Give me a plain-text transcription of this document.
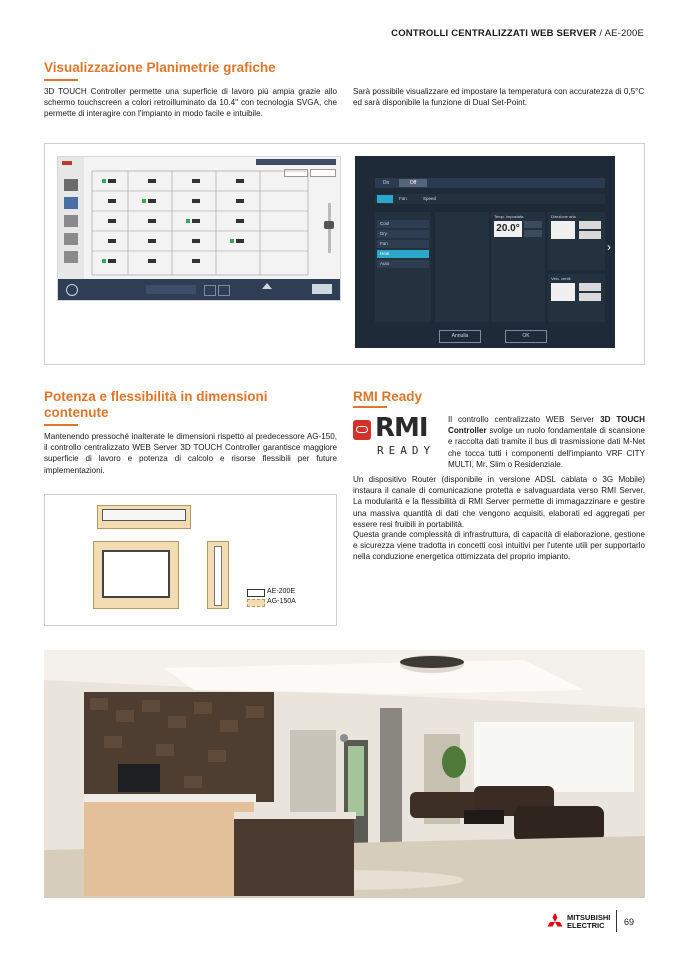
CONTROLLI CENTRALIZZATI WEB SERVER / AE-200E
Visualizzazione Planimetrie grafiche
3D TOUCH Controller permette una superficie di lavoro più ampia grazie allo schermo touchscreen a colori retroilluminato da 10.4'' con tecnologia SVGA, che permette di interagire con l'impianto in modo facile e intuibile.
Sarà possibile visualizzare ed impostare la temperatura con accuratezza di 0,5°C ed sarà disponibile la funzione di Dual Set-Point.
On	Off
Fan	Speed
Cool
Dry
Fan
Heat
Auto
Temp. impostata
20.0°
Direzione aria
Velo. ventil.
›
Annulla	OK
Potenza e flessibilità in dimensioni contenute
Mantenendo pressoché inalterate le dimensioni rispetto al predecessore AG-150, il controllo centralizzato WEB Server 3D TOUCH Controller garantisce maggiore superficie di lavoro e potenza di calcolo e risorse flessibili per future implementazioni.
AE-200E
AG-150A
RMI Ready
RMI
READY
Il controllo centralizzato WEB Server 3D TOUCH Controller svolge un ruolo fondamentale di scansione e raccolta dati tramite il bus di trasmissione dati M-Net che tocca tutti i componenti dell'impianto VRF CITY MULTI, Mr. Slim o Residenziale.
Un dispositivo Router (disponibile in versione ADSL cablata o 3G Mobile) instaura il canale di comunicazione protetta e salvaguardata verso RMI Server. La modularità e la flessibilità di RMI Server permette di immagazzinare e gestire una massiva quantità di dati che vengono acquisiti, elaborati ed aggregati per essere resi fruibili in portabilità.
Questa grande complessità di infrastruttura, di capacità di elaborazione, gestione e sicurezza viene tradotta in concetti così intuitivi per l'utente utili per supportarlo nella conduzione energetica ottimizzata del proprio impianto.
MITSUBISHI
ELECTRIC	69
